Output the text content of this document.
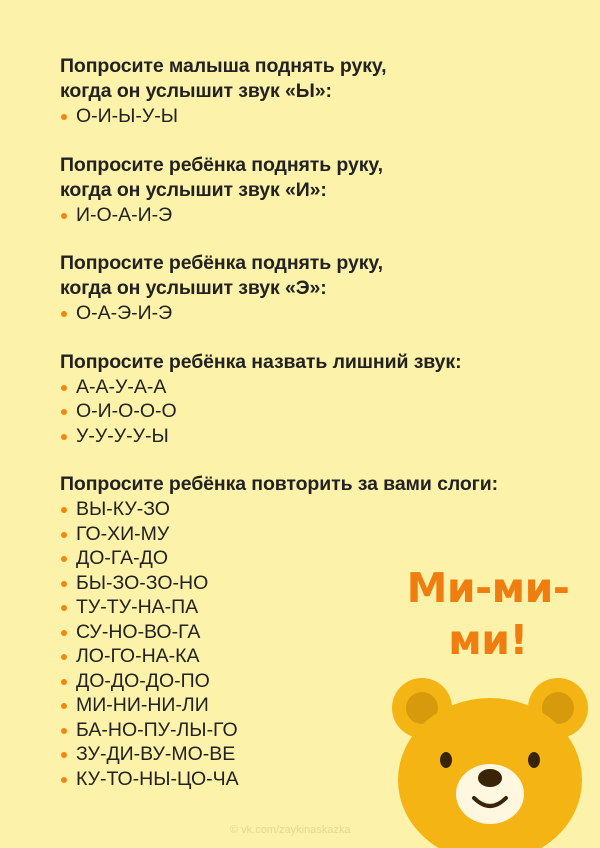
Попросите малыша поднять руку,
когда он услышит звук «Ы»:

О-И-Ы-У-Ы

Попросите ребёнка поднять руку,
когда он услышит звук «И»:

И-О-А-И-Э

Попросите ребёнка поднять руку,
когда он услышит звук «Э»:

О-А-Э-И-Э

Попросите ребёнка назвать лишний звук:

А-А-У-А-А
О-И-О-О-О
У-У-У-У-Ы

Попросите ребёнка повторить за вами слоги:

ВЫ-КУ-ЗО
ГО-ХИ-МУ
ДО-ГА-ДО
БЫ-ЗО-ЗО-НО
ТУ-ТУ-НА-ПА
СУ-НО-ВО-ГА
ЛО-ГО-НА-КА
ДО-ДО-ДО-ПО
МИ-НИ-НИ-ЛИ
БА-НО-ПУ-ЛЫ-ГО
ЗУ-ДИ-ВУ-МО-ВЕ
КУ-ТО-НЫ-ЦО-ЧА
Ми-ми-
ми!
© vk.com/zaykinaskazka
